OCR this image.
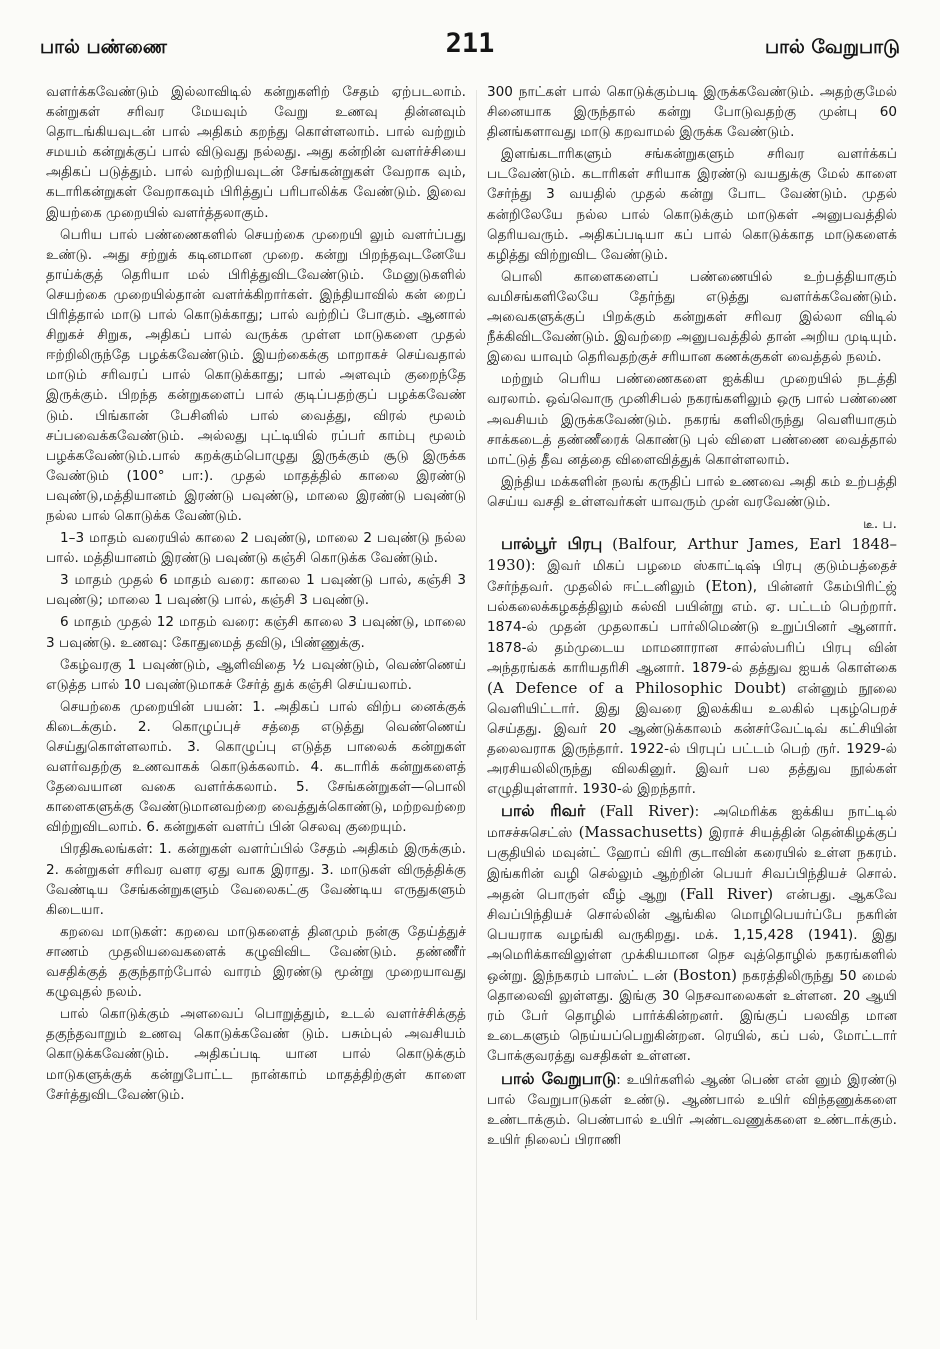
பால் பண்ணை	211	பால் வேறுபாடு

வளர்க்கவேண்டும் இல்லாவிடில் கன்றுகளிற் சேதம் ஏற்படலாம். கன்றுகள் சரிவர மேயவும் வேறு உணவு தின்னவும் தொடங்கியவுடன் பால் அதிகம் கறந்து கொள்ளலாம். பால் வற்றும் சமயம் கன்றுக்குப் பால் விடுவது நல்லது. அது கன்றின் வளர்ச்சியை அதிகப் படுத்தும். பால் வற்றியவுடன் சேங்கன்றுகள் வேறாக வும், கடாரிகன்றுகள் வேறாகவும் பிரித்துப் பரிபாலிக்க வேண்டும். இவை இயற்கை முறையில் வளர்த்தலாகும்.

பெரிய பால் பண்ணைகளில் செயற்கை முறையி லும் வளர்ப்பது உண்டு. அது சற்றுக் கடினமான முறை. கன்று பிறந்தவுடனேயே தாய்க்குத் தெரியா மல் பிரித்துவிடவேண்டும். மேனுடுகளில் செயற்கை முறையில்தான் வளர்க்கிறார்கள். இந்தியாவில் கன் றைப் பிரித்தால் மாடு பால் கொடுக்காது; பால் வற்றிப் போகும். ஆனால் சிறுகச் சிறுக, அதிகப் பால் வருக்க முள்ள மாடுகளை முதல் ஈற்றிலிருந்தே பழக்கவேண்டும். இயற்கைக்கு மாறாகச் செய்வதால் மாடும் சரிவரப் பால் கொடுக்காது; பால் அளவும் குறைந்தே இருக்கும். பிறந்த கன்றுகளைப் பால் குடிப்பதற்குப் பழக்கவேண் டும். பிங்கான் பேசினில் பால் வைத்து, விரல் மூலம் சப்பவைக்கவேண்டும். அல்லது புட்டியில் ரப்பர் காம்பு மூலம் பழக்கவேண்டும்.பால் கறக்கும்பொழுது இருக்கும் சூடு இருக்க வேண்டும் (100° பா:). முதல் மாதத்தில் காலை இரண்டு பவுண்டு,மத்தியானம் இரண்டு பவுண்டு, மாலை இரண்டு பவுண்டு நல்ல பால் கொடுக்க வேண்டும்.

1–3 மாதம் வரையில் காலை 2 பவுண்டு, மாலை 2 பவுண்டு நல்ல பால். மத்தியானம் இரண்டு பவுண்டு கஞ்சி கொடுக்க வேண்டும்.

3 மாதம் முதல் 6 மாதம் வரை: காலை 1 பவுண்டு பால், கஞ்சி 3 பவுண்டு; மாலை 1 பவுண்டு பால், கஞ்சி 3 பவுண்டு.

6 மாதம் முதல் 12 மாதம் வரை: கஞ்சி காலை 3 பவுண்டு, மாலை 3 பவுண்டு. உணவு: கோதுமைத் தவிடு, பிண்ணுக்கு.

கேழ்வரகு 1 பவுண்டும், ஆளிவிதை ½ பவுண்டும், வெண்ணெய் எடுத்த பால் 10 பவுண்டுமாகச் சேர்த் துக் கஞ்சி செய்யலாம்.

செயற்கை முறையின் பயன்: 1. அதிகப் பால் விற்ப னைக்குக் கிடைக்கும். 2. கொழுப்புச் சத்தை எடுத்து வெண்ணெய் செய்துகொள்ளலாம். 3. கொழுப்பு எடுத்த பாலைக் கன்றுகள் வளர்வதற்கு உணவாகக் கொடுக்கலாம். 4. கடாரிக் கன்றுகளைத் தேவையான வகை வளர்க்கலாம். 5. சேங்கன்றுகள்—பொலி காளைகளுக்கு வேண்டுமானவற்றை வைத்துக்கொண்டு, மற்றவற்றை விற்றுவிடலாம். 6. கன்றுகள் வளர்ப் பின் செலவு குறையும்.

பிரதிகூலங்கள்: 1. கன்றுகள் வளர்ப்பில் சேதம் அதிகம் இருக்கும். 2. கன்றுகள் சரிவர வளர ஏது வாக இராது. 3. மாடுகள் விருத்திக்கு வேண்டிய சேங்கன்றுகளும் வேலைகட்கு வேண்டிய எருதுகளும் கிடையா.

கறவை மாடுகள்: கறவை மாடுகளைத் தினமும் நன்கு தேய்த்துச் சாணம் முதலியவைகளைக் கழுவிவிட வேண்டும். தண்ணீர் வசதிக்குத் தகுந்தாற்போல் வாரம் இரண்டு மூன்று முறையாவது கழுவுதல் நலம்.

பால் கொடுக்கும் அளவைப் பொறுத்தும், உடல் வளர்ச்சிக்குத் தகுந்தவாறும் உணவு கொடுக்கவேண் டும். பசும்புல் அவசியம் கொடுக்கவேண்டும். அதிகப்படி யான பால் கொடுக்கும் மாடுகளுக்குக் கன்றுபோட்ட நான்காம் மாதத்திற்குள் காளை சேர்த்துவிடவேண்டும்.

300 நாட்கள் பால் கொடுக்கும்படி இருக்கவேண்டும். அதற்குமேல் சினையாக இருந்தால் கன்று போடுவதற்கு முன்பு 60 தினங்களாவது மாடு கறவாமல் இருக்க வேண்டும்.

இளங்கடாரிகளும் சங்கன்றுகளும் சரிவர வளர்க்கப் படவேண்டும். கடாரிகள் சரியாக இரண்டு வயதுக்கு மேல் காளை சேர்ந்து 3 வயதில் முதல் கன்று போட வேண்டும். முதல் கன்றிலேயே நல்ல பால் கொடுக்கும் மாடுகள் அனுபவத்தில் தெரியவரும். அதிகப்படியா கப் பால் கொடுக்காத மாடுகளைக் கழித்து விற்றுவிட வேண்டும்.

பொலி காளைகளைப் பண்ணையில் உற்பத்தியாகும் வமிசங்களிலேயே தேர்ந்து எடுத்து வளர்க்கவேண்டும். அவைகளுக்குப் பிறக்கும் கன்றுகள் சரிவர இல்லா விடில் நீக்கிவிடவேண்டும். இவற்றை அனுபவத்தில் தான் அறிய முடியும். இவை யாவும் தெரிவதற்குச் சரியான கணக்குகள் வைத்தல் நலம்.

மற்றும் பெரிய பண்ணைகளை ஐக்கிய முறையில் நடத்தி வரலாம். ஒவ்வொரு முனிசிபல் நகரங்களிலும் ஒரு பால் பண்ணை அவசியம் இருக்கவேண்டும். நகரங் களிலிருந்து வெளியாகும் சாக்கடைத் தண்ணீரைக் கொண்டு புல் விளை பண்ணை வைத்தால் மாட்டுத் தீவ னத்தை விளைவித்துக் கொள்ளலாம்.

இந்திய மக்களின் நலங் கருதிப் பால் உணவை அதி கம் உற்பத்தி செய்ய வசதி உள்ளவர்கள் யாவரும் முன் வரவேண்டும்.

டீ. ப.

பால்பூர் பிரபு (Balfour, Arthur James, Earl 1848–1930): இவர் மிகப் பழமை ஸ்காட்டிஷ் பிரபு குடும்பத்தைச் சேர்ந்தவர். முதலில் ஈட்டனிலும் (Eton), பின்னர் கேம்பிரிட்ஜ் பல்கலைக்கழகத்திலும் கல்வி பயின்று எம். ஏ. பட்டம் பெற்றார். 1874-ல் முதன் முதலாகப் பார்லிமெண்டு உறுப்பினர் ஆனார். 1878-ல் தம்முடைய மாமனாரான சால்ஸ்பரிப் பிரபு வின் அந்தரங்கக் காரியதரிசி ஆனார். 1879-ல் தத்துவ ஐயக் கொள்கை (A Defence of a Philosophic Doubt) என்னும் நூலை வெளியிட்டார். இது இவரை இலக்கிய உலகில் புகழ்பெறச் செய்தது. இவர் 20 ஆண்டுக்காலம் கன்சர்வேட்டிவ் கட்சியின் தலைவராக இருந்தார். 1922-ல் பிரபுப் பட்டம் பெற் ருர். 1929-ல் அரசியலிலிருந்து விலகினுர். இவர் பல தத்துவ நூல்கள் எழுதியுள்ளார். 1930-ல் இறந்தார்.

பால் ரிவர் (Fall River): அமெரிக்க ஐக்கிய நாட்டில் மாசச்சுசெட்ஸ் (Massachusetts) இராச் சியத்தின் தென்கிழக்குப் பகுதியில் மவுன்ட் ஹோப் விரி குடாவின் கரையில் உள்ள நகரம். இங்கரின் வழி செல்லும் ஆற்றின் பெயர் சிவப்பிந்தியச் சொல். அதன் பொருள் வீழ் ஆறு (Fall River) என்பது. ஆகவே சிவப்பிந்தியச் சொல்லின் ஆங்கில மொழிபெயர்ப்பே நகரின் பெயராக வழங்கி வருகிறது. மக். 1,15,428 (1941). இது அமெரிக்காவிலுள்ள முக்கியமான நெச வுத்தொழில் நகரங்களில் ஒன்று. இந்நகரம் பாஸ்ட் டன் (Boston) நகரத்திலிருந்து 50 மைல் தொலைவி லுள்ளது. இங்கு 30 நெசவாலைகள் உள்ளன. 20 ஆயி ரம் பேர் தொழில் பார்க்கின்றனர். இங்குப் பலவித மான உடைகளும் நெய்யப்பெறுகின்றன. ரெயில், கப் பல், மோட்டார் போக்குவரத்து வசதிகள் உள்ளன.

பால் வேறுபாடு: உயிர்களில் ஆண் பெண் என் னும் இரண்டு பால் வேறுபாடுகள் உண்டு. ஆண்பால் உயிர் விந்தணுக்களை உண்டாக்கும். பெண்பால் உயிர் அண்டவணுக்களை உண்டாக்கும். உயிர் நிலைப் பிராணி
